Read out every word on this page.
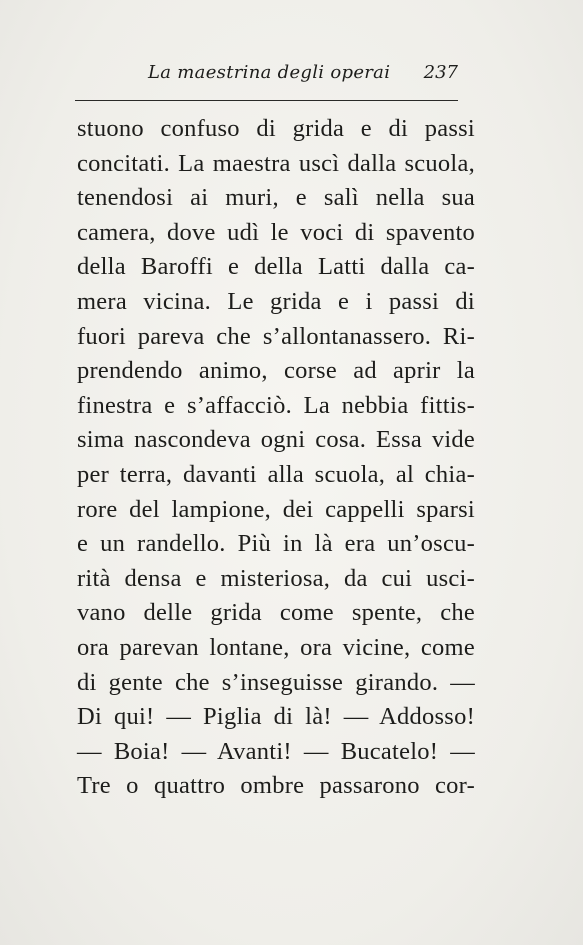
La maestrina degli operai 237
stuono confuso di grida e di passi
concitati. La maestra uscì dalla scuola,
tenendosi ai muri, e salì nella sua
camera, dove udì le voci di spavento
della Baroffi e della Latti dalla ca-
mera vicina. Le grida e i passi di
fuori pareva che s’allontanassero. Ri-
prendendo animo, corse ad aprir la
finestra e s’affacciò. La nebbia fittis-
sima nascondeva ogni cosa. Essa vide
per terra, davanti alla scuola, al chia-
rore del lampione, dei cappelli sparsi
e un randello. Più in là era un’oscu-
rità densa e misteriosa, da cui usci-
vano delle grida come spente, che
ora parevan lontane, ora vicine, come
di gente che s’inseguisse girando. —
Di qui! — Piglia di là! — Addosso!
— Boia! — Avanti! — Bucatelo! —
Tre o quattro ombre passarono cor-
